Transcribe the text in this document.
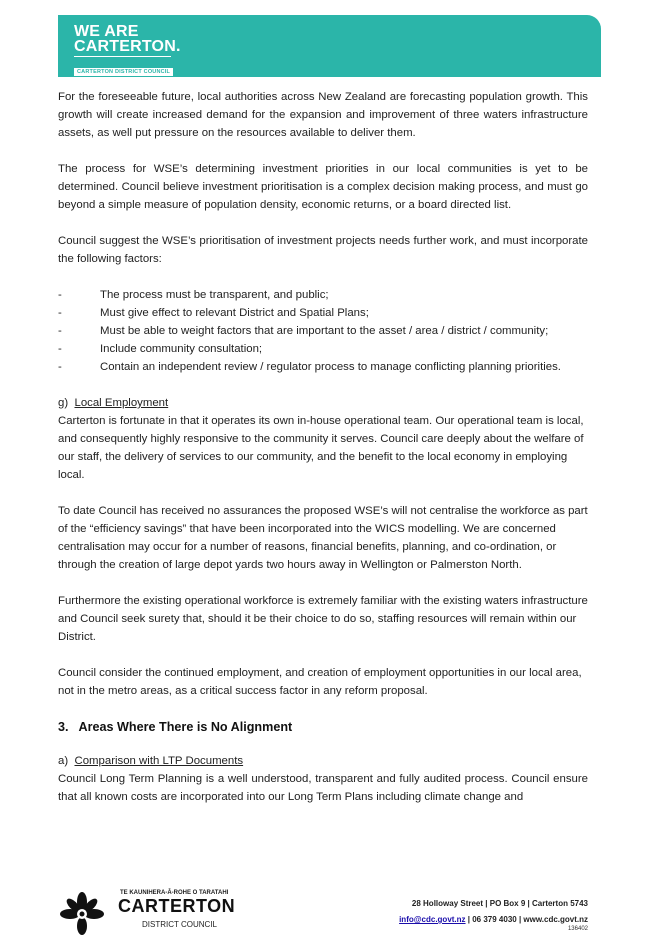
WE ARE
CARTERTON.
CARTERTON DISTRICT COUNCIL

For the foreseeable future, local authorities across New Zealand are forecasting population growth. This growth will create increased demand for the expansion and improvement of three waters infrastructure assets, as well put pressure on the resources available to deliver them.

The process for WSE’s determining investment priorities in our local communities is yet to be determined. Council believe investment prioritisation is a complex decision making process, and must go beyond a simple measure of population density, economic returns, or a board directed list.

Council suggest the WSE’s prioritisation of investment projects needs further work, and must incorporate the following factors:

-	The process must be transparent, and public;
-	Must give effect to relevant District and Spatial Plans;
-	Must be able to weight factors that are important to the asset / area / district / community;
-	Include community consultation;
-	Contain an independent review / regulator process to manage conflicting planning priorities.
g) Local Employment

Carterton is fortunate in that it operates its own in-house operational team. Our operational team is local, and consequently highly responsive to the community it serves. Council care deeply about the welfare of our staff, the delivery of services to our community, and the benefit to the local economy in employing local.

To date Council has received no assurances the proposed WSE’s will not centralise the workforce as part of the “efficiency savings” that have been incorporated into the WICS modelling. We are concerned centralisation may occur for a number of reasons, financial benefits, planning, and co-ordination, or through the creation of large depot yards two hours away in Wellington or Palmerston North.

Furthermore the existing operational workforce is extremely familiar with the existing waters infrastructure and Council seek surety that, should it be their choice to do so, staffing resources will remain within our District.

Council consider the continued employment, and creation of employment opportunities in our local area, not in the metro areas, as a critical success factor in any reform proposal.

3.   Areas Where There is No Alignment
a) Comparison with LTP Documents

Council Long Term Planning is a well understood, transparent and fully audited process. Council ensure that all known costs are incorporated into our Long Term Plans including climate change and

TE KAUNIHERA-Ā-ROHE O TARATAHI
CARTERTON
DISTRICT COUNCIL
28 Holloway Street | PO Box 9 | Carterton 5743
info@cdc.govt.nz | 06 379 4030 | www.cdc.govt.nz
136402
